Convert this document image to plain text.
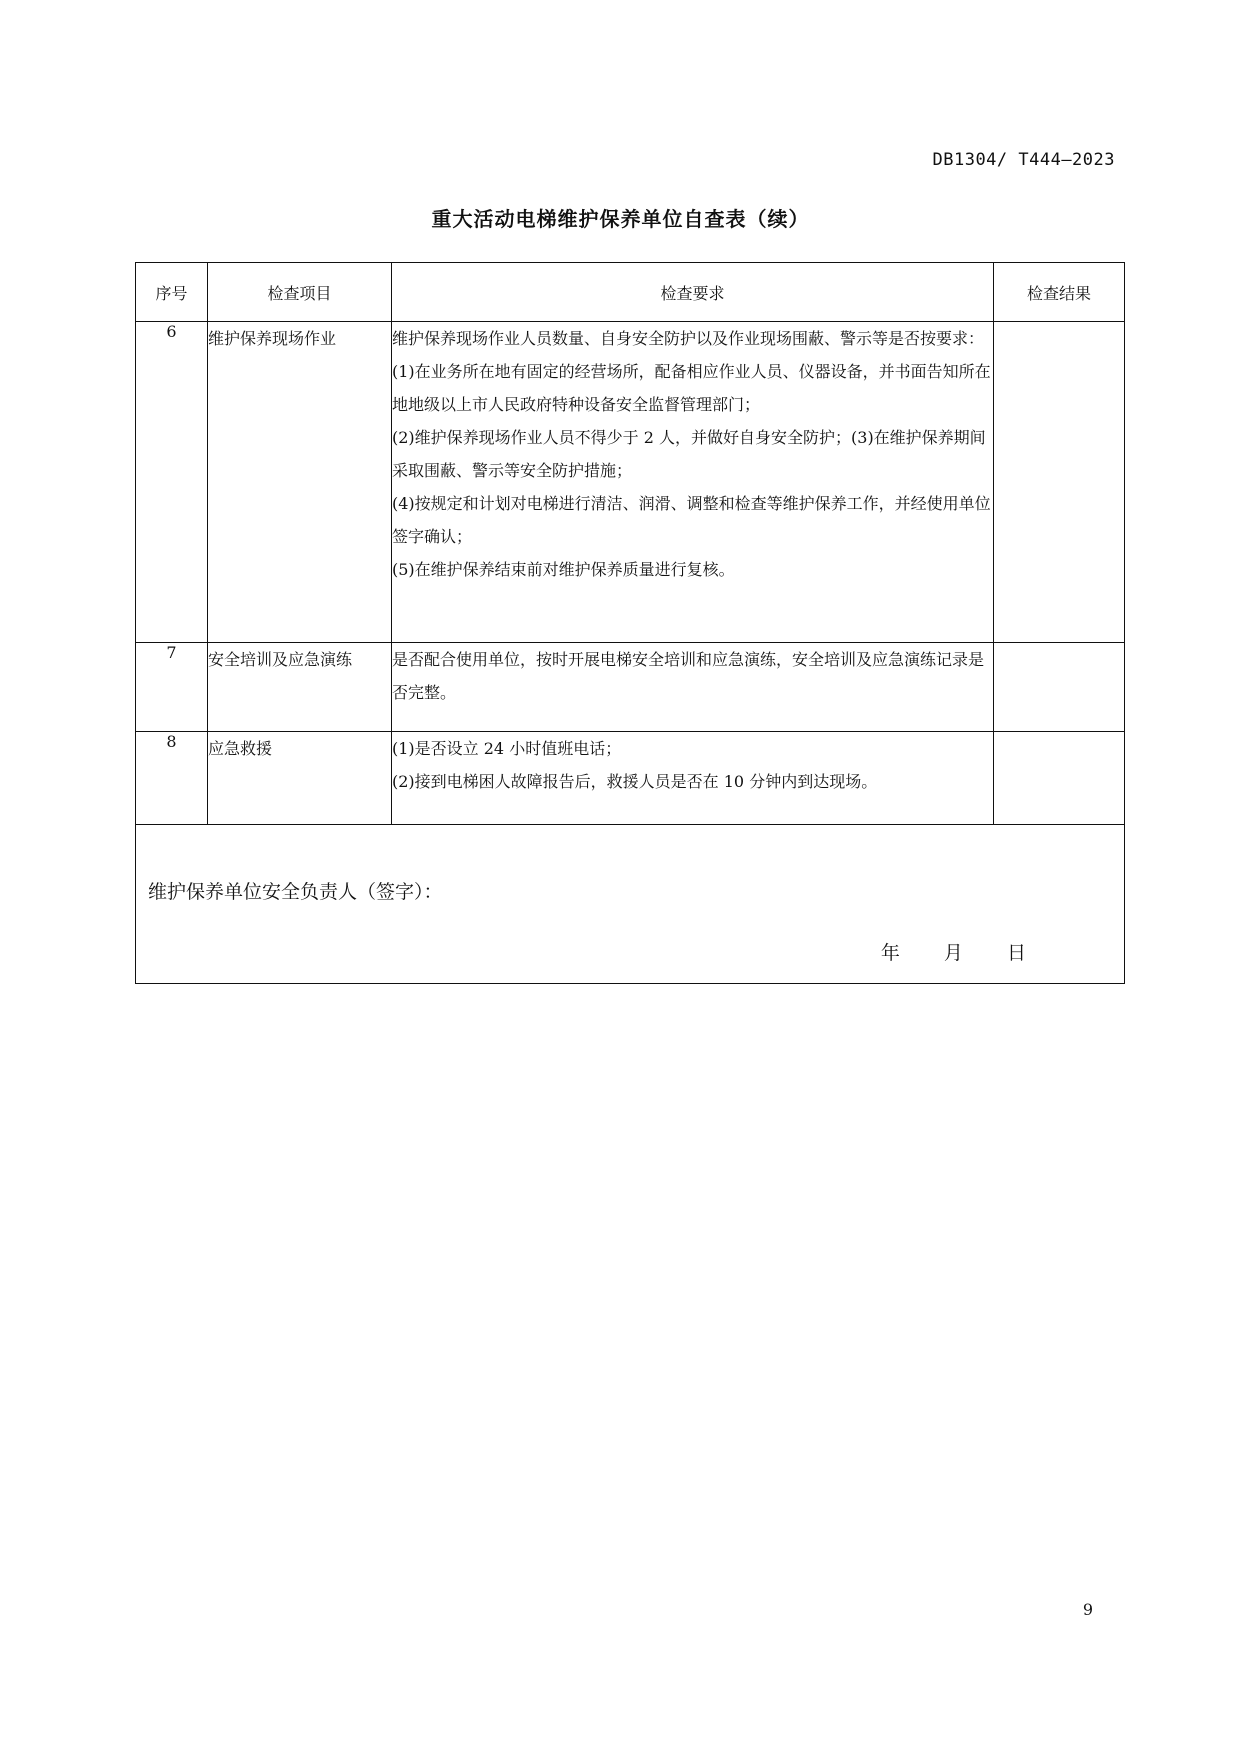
DB1304/ T444—2023
重大活动电梯维护保养单位自查表（续）
序号	检查项目	检查要求	检查结果
6	维护保养现场作业	维护保养现场作业人员数量、自身安全防护以及作业现场围蔽、警示等是否按要求：
(1)在业务所在地有固定的经营场所，配备相应作业人员、仪器设备，并书面告知所在地地级以上市人民政府特种设备安全监督管理部门；
(2)维护保养现场作业人员不得少于 2 人，并做好自身安全防护；(3)在维护保养期间采取围蔽、警示等安全防护措施；
(4)按规定和计划对电梯进行清洁、润滑、调整和检查等维护保养工作，并经使用单位签字确认；
(5)在维护保养结束前对维护保养质量进行复核。	

7	安全培训及应急演练	是否配合使用单位，按时开展电梯安全培训和应急演练，安全培训及应急演练记录是否完整。	

8	应急救援	(1)是否设立 24 小时值班电话；
(2)接到电梯困人故障报告后，救援人员是否在 10 分钟内到达现场。	

维护保养单位安全负责人（签字）：
年 月 日			
9
